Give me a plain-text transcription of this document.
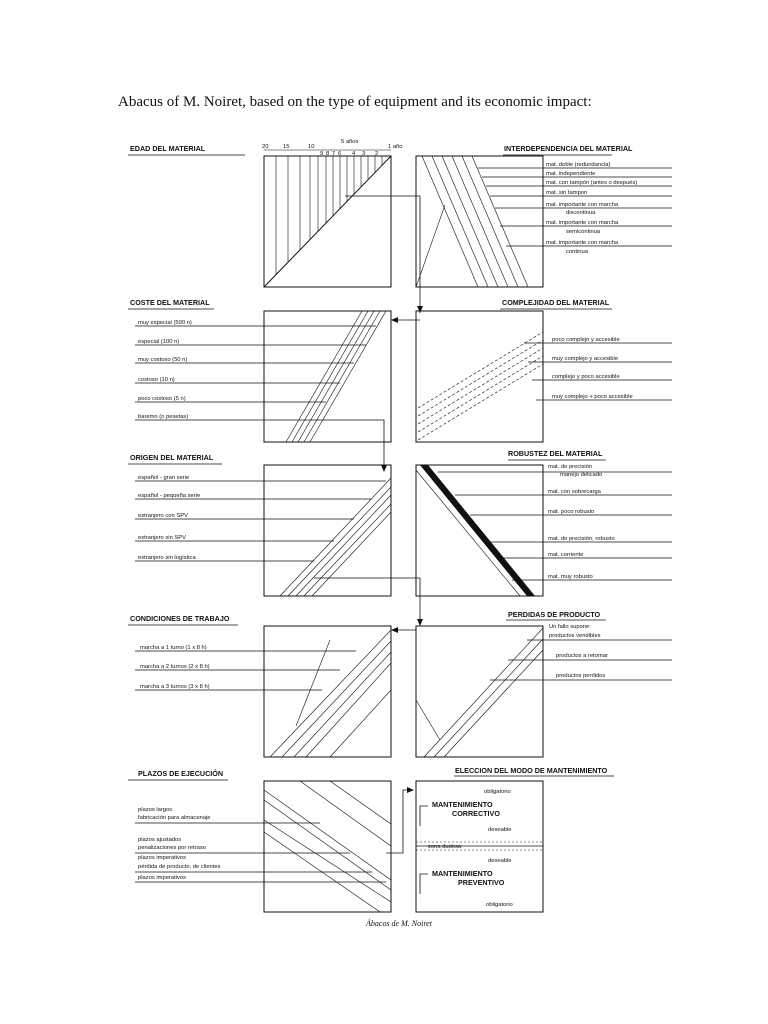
Abacus of M. Noiret, based on the type of equipment and its economic impact:
EDAD DEL MATERIAL	20	15	10
5 años
1 año
9 8 7 6 4 3 2
INTERDEPENDENCIA DEL MATERIAL
mat. doble (redundancia)
mat. independiente
mat. con tampón (antes o después)
mat. sin tampon
mat. importante con marcha
discontinua
mat. importante con marcha
semicontinua
mat. importante con marcha
continua
COSTE DEL MATERIAL
muy especial (500 n)
especial (100 n)
muy costoso (50 n)
costoso (10 n)
poco costoso (5 n)
baremo (n pesetas)
COMPLEJIDAD DEL MATERIAL
poco complejo y accesible
muy complejo y accesible
complejo y poco accesible
muy complejo + poco accesible
ORIGEN DEL MATERIAL
español - gran serie
español - pequeña serie
extranjero con SPV
extranjero sin SPV
extranjero sin logística
ROBUSTEZ DEL MATERIAL
mat. de precisión
manejo delicado
mat. con sobrecarga
mat. poco robusto
mat. de precisión, robusto
mat. corriente
mat. muy robusto
CONDICIONES DE TRABAJO
marcha a 1 turno (1 x 8 h)
marcha a 2 turnos (2 x 8 h)
marcha a 3 turnos (3 x 8 h)
PERDIDAS DE PRODUCTO
Un fallo supone:
productos vendibles
productos a retomar
productos perdidos
PLAZOS DE EJECUCIÓN
plazos largos
fabricación para almacenaje
plazos ajustados
penalizaciones por retraso
plazos imperativos
pérdida de producto, de clientes
plazos imperativos
ELECCION DEL MODO DE MANTENIMIENTO
obligatorio
MANTENIMIENTO
CORRECTIVO
deseable
zona dudosa
deseable
MANTENIMIENTO
PREVENTIVO
obligatorio
Ábacos de M. Noiret
